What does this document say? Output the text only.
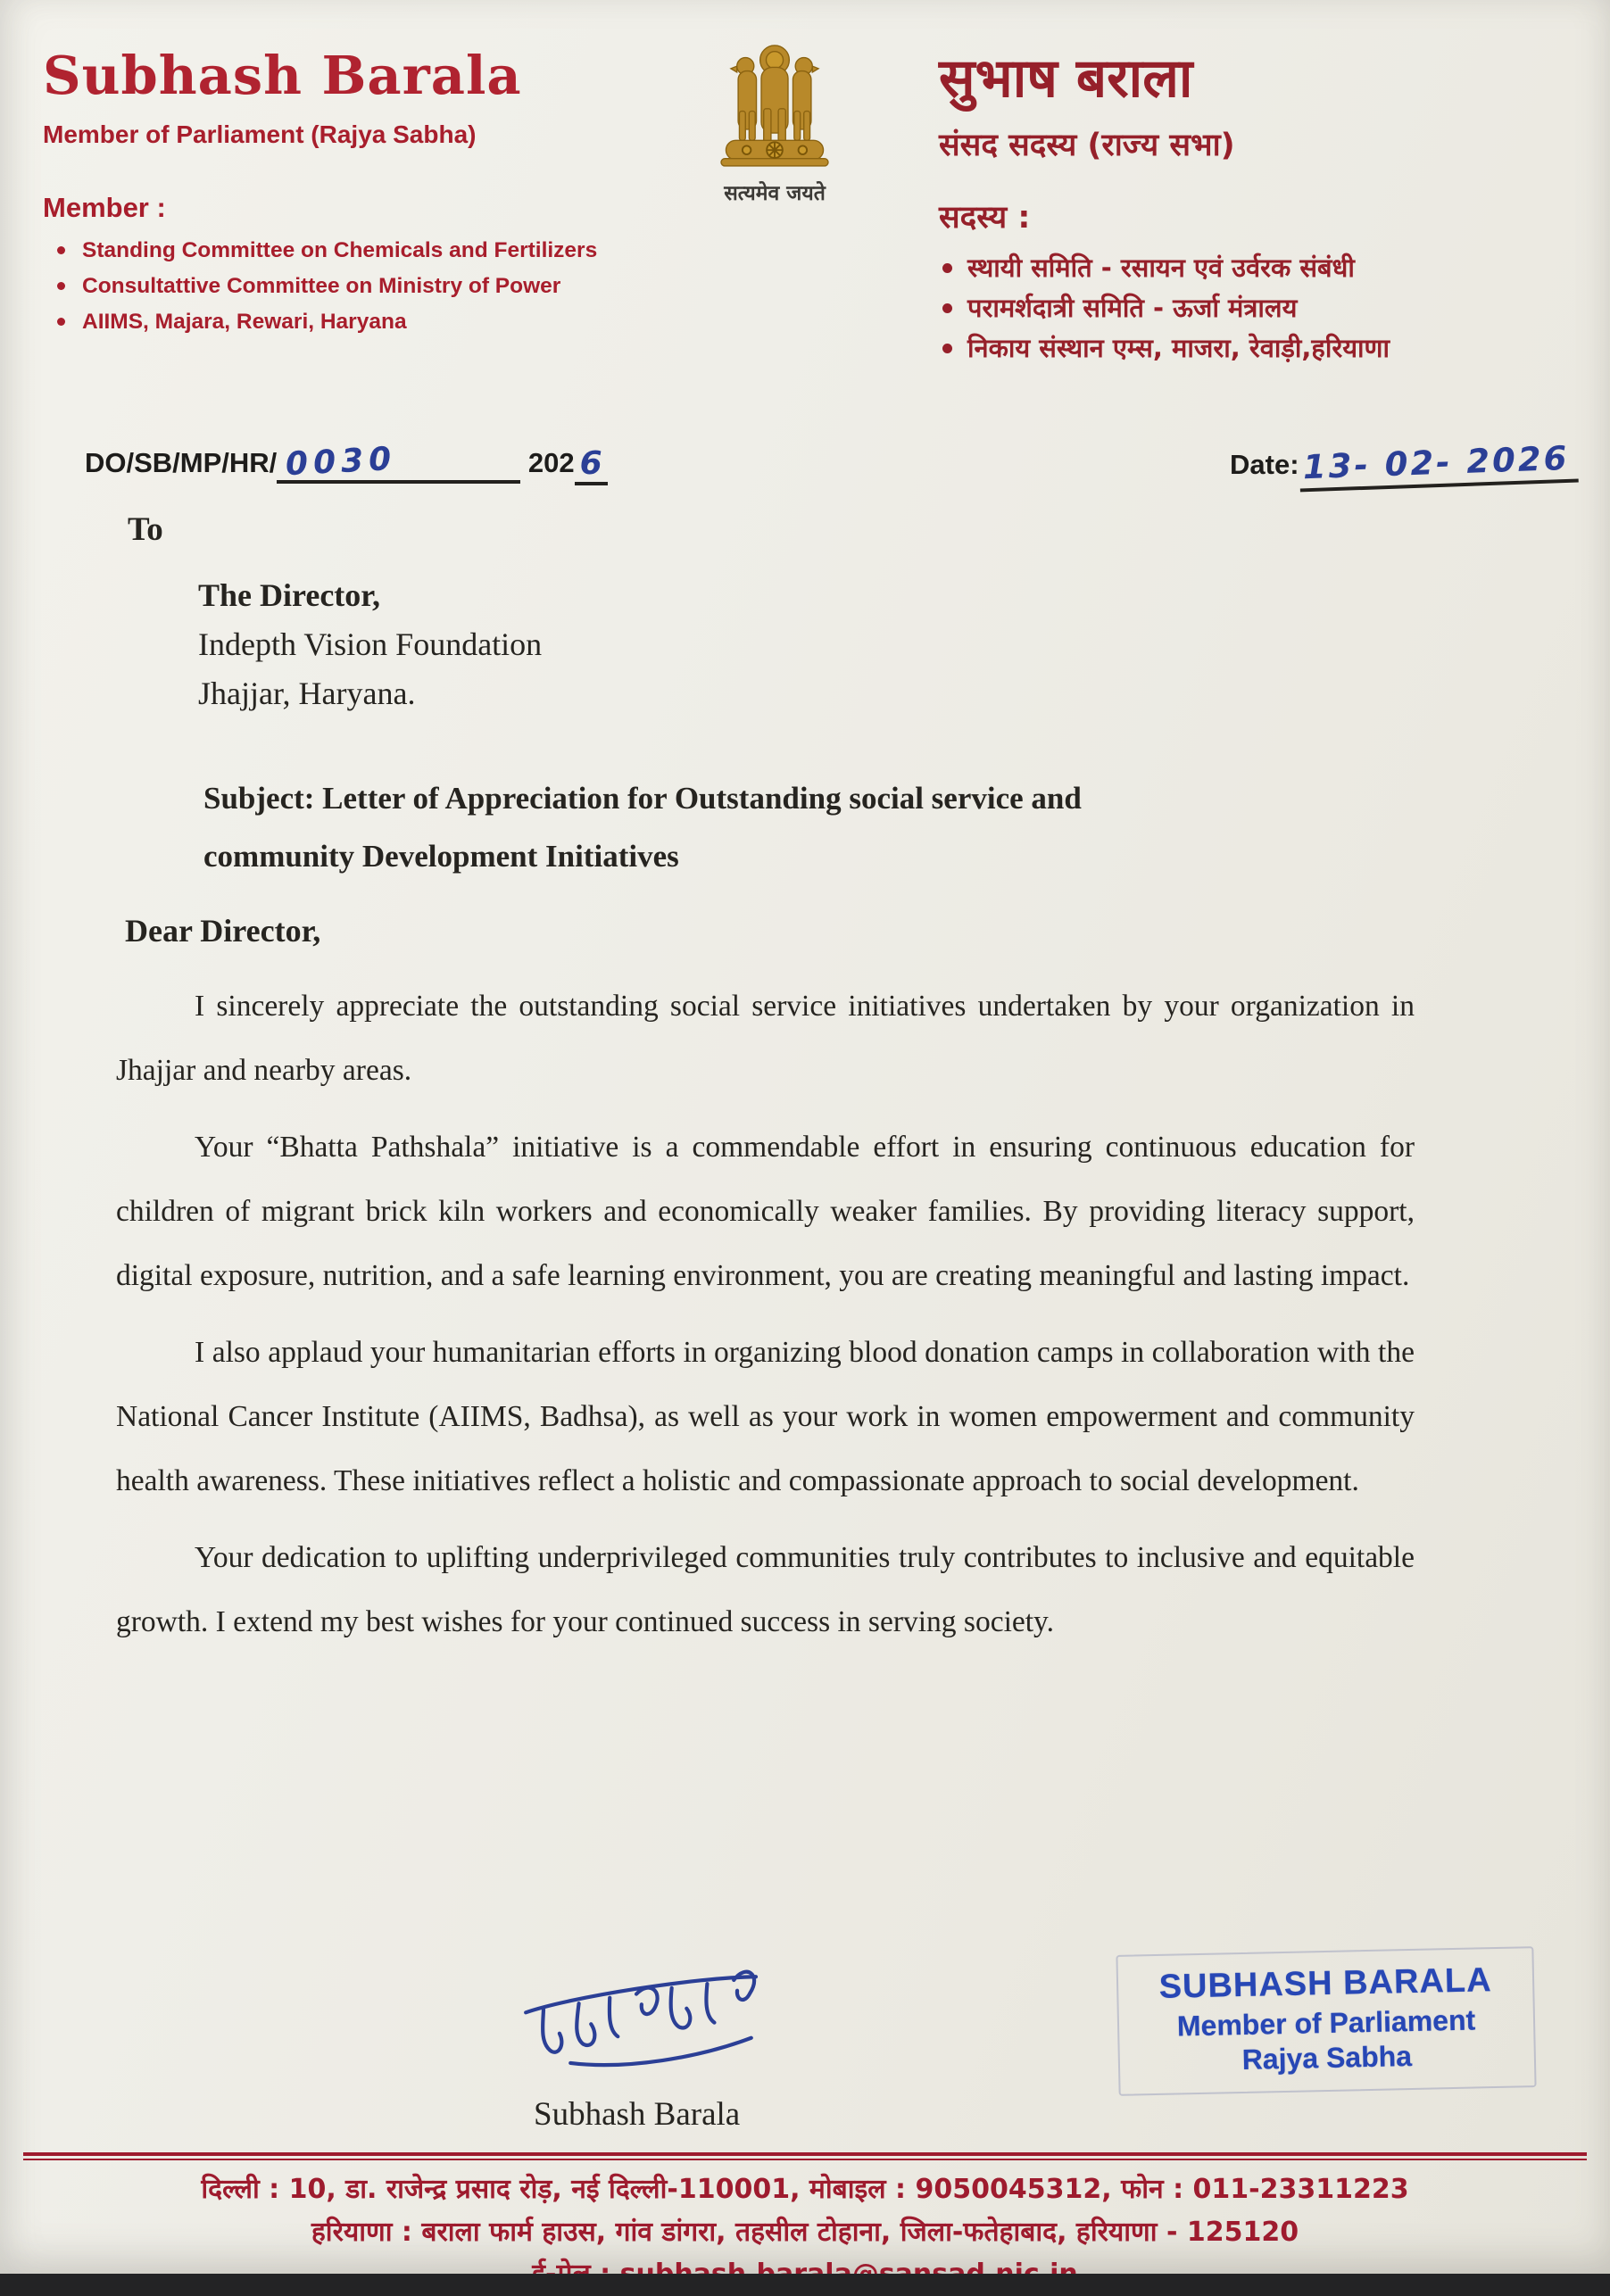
Subhash Barala
Member of Parliament (Rajya Sabha)
Member :
Standing Committee on Chemicals and Fertilizers
Consultattive Committee on Ministry of Power
AIIMS, Majara, Rewari, Haryana
सत्यमेव जयते
सुभाष बराला
संसद सदस्य (राज्य सभा)
सदस्य :
स्थायी समिति - रसायन एवं उर्वरक संबंधी
परामर्शदात्री समिति - ऊर्जा मंत्रालय
निकाय संस्थान एम्स, माजरा, रेवाड़ी,हरियाणा
DO/SB/MP/HR/ 0030	202 6	Date:13- 02- 2026
To
The Director,
Indepth Vision Foundation
Jhajjar, Haryana.
Subject: Letter of Appreciation for Outstanding social service and
community Development Initiatives
Dear Director,

I sincerely appreciate the outstanding social service initiatives undertaken by your organization in Jhajjar and nearby areas.

Your “Bhatta Pathshala” initiative is a commendable effort in ensuring continuous education for children of migrant brick kiln workers and economically weaker families. By providing literacy support, digital exposure, nutrition, and a safe learning environment, you are creating meaningful and lasting impact.

I also applaud your humanitarian efforts in organizing blood donation camps in collaboration with the National Cancer Institute (AIIMS, Badhsa), as well as your work in women empowerment and community health awareness. These initiatives reflect a holistic and compassionate approach to social development.

Your dedication to uplifting underprivileged communities truly contributes to inclusive and equitable growth. I extend my best wishes for your continued success in serving society.

Subhash Barala
SUBHASH BARALA
Member of Parliament
Rajya Sabha
दिल्ली : 10, डा. राजेन्द्र प्रसाद रोड़, नई दिल्ली-110001, मोबाइल : 9050045312, फोन : 011-23311223
हरियाणा : बराला फार्म हाउस, गांव डांगरा, तहसील टोहाना, जिला-फतेहाबाद, हरियाणा - 125120
